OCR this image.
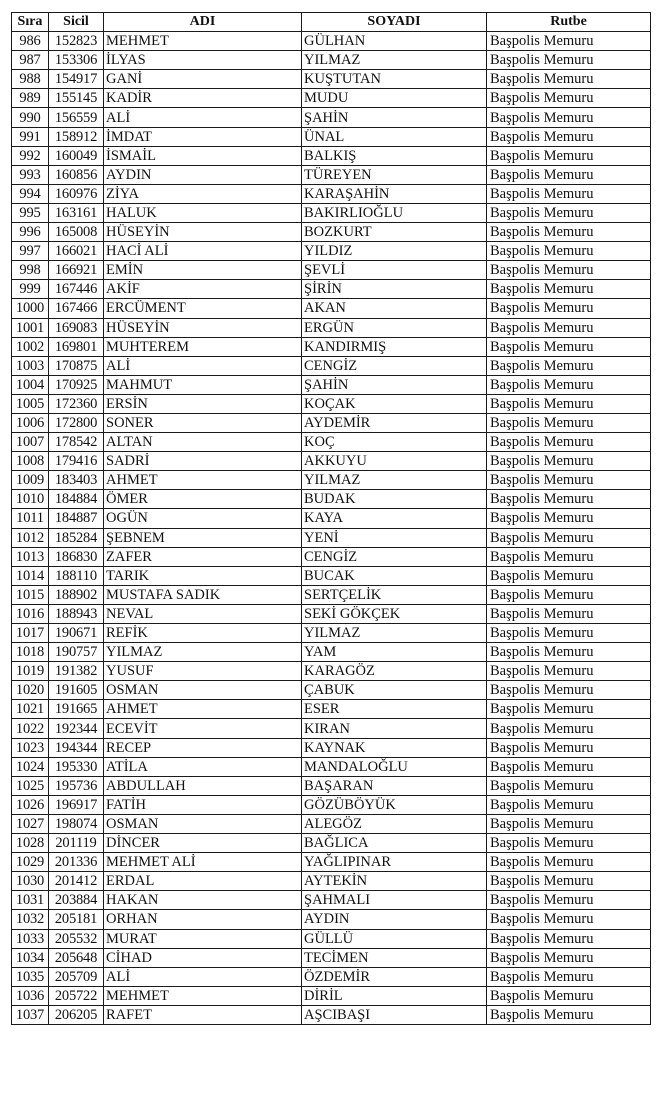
Sıra	Sicil	ADI	SOYADI	Rutbe
986	152823	MEHMET	GÜLHAN	Başpolis Memuru
987	153306	İLYAS	YILMAZ	Başpolis Memuru
988	154917	GANİ	KUŞTUTAN	Başpolis Memuru
989	155145	KADİR	MUDU	Başpolis Memuru
990	156559	ALİ	ŞAHİN	Başpolis Memuru
991	158912	İMDAT	ÜNAL	Başpolis Memuru
992	160049	İSMAİL	BALKIŞ	Başpolis Memuru
993	160856	AYDIN	TÜREYEN	Başpolis Memuru
994	160976	ZİYA	KARAŞAHİN	Başpolis Memuru
995	163161	HALUK	BAKIRLIOĞLU	Başpolis Memuru
996	165008	HÜSEYİN	BOZKURT	Başpolis Memuru
997	166021	HACİ ALİ	YILDIZ	Başpolis Memuru
998	166921	EMİN	ŞEVLİ	Başpolis Memuru
999	167446	AKİF	ŞİRİN	Başpolis Memuru
1000	167466	ERCÜMENT	AKAN	Başpolis Memuru
1001	169083	HÜSEYİN	ERGÜN	Başpolis Memuru
1002	169801	MUHTEREM	KANDIRMIŞ	Başpolis Memuru
1003	170875	ALİ	CENGİZ	Başpolis Memuru
1004	170925	MAHMUT	ŞAHİN	Başpolis Memuru
1005	172360	ERSİN	KOÇAK	Başpolis Memuru
1006	172800	SONER	AYDEMİR	Başpolis Memuru
1007	178542	ALTAN	KOÇ	Başpolis Memuru
1008	179416	SADRİ	AKKUYU	Başpolis Memuru
1009	183403	AHMET	YILMAZ	Başpolis Memuru
1010	184884	ÖMER	BUDAK	Başpolis Memuru
1011	184887	OGÜN	KAYA	Başpolis Memuru
1012	185284	ŞEBNEM	YENİ	Başpolis Memuru
1013	186830	ZAFER	CENGİZ	Başpolis Memuru
1014	188110	TARIK	BUCAK	Başpolis Memuru
1015	188902	MUSTAFA SADIK	SERTÇELİK	Başpolis Memuru
1016	188943	NEVAL	SEKİ GÖKÇEK	Başpolis Memuru
1017	190671	REFİK	YILMAZ	Başpolis Memuru
1018	190757	YILMAZ	YAM	Başpolis Memuru
1019	191382	YUSUF	KARAGÖZ	Başpolis Memuru
1020	191605	OSMAN	ÇABUK	Başpolis Memuru
1021	191665	AHMET	ESER	Başpolis Memuru
1022	192344	ECEVİT	KIRAN	Başpolis Memuru
1023	194344	RECEP	KAYNAK	Başpolis Memuru
1024	195330	ATİLA	MANDALOĞLU	Başpolis Memuru
1025	195736	ABDULLAH	BAŞARAN	Başpolis Memuru
1026	196917	FATİH	GÖZÜBÖYÜK	Başpolis Memuru
1027	198074	OSMAN	ALEGÖZ	Başpolis Memuru
1028	201119	DİNCER	BAĞLICA	Başpolis Memuru
1029	201336	MEHMET ALİ	YAĞLIPINAR	Başpolis Memuru
1030	201412	ERDAL	AYTEKİN	Başpolis Memuru
1031	203884	HAKAN	ŞAHMALI	Başpolis Memuru
1032	205181	ORHAN	AYDIN	Başpolis Memuru
1033	205532	MURAT	GÜLLÜ	Başpolis Memuru
1034	205648	CİHAD	TECİMEN	Başpolis Memuru
1035	205709	ALİ	ÖZDEMİR	Başpolis Memuru
1036	205722	MEHMET	DİRİL	Başpolis Memuru
1037	206205	RAFET	AŞCIBAŞI	Başpolis Memuru
